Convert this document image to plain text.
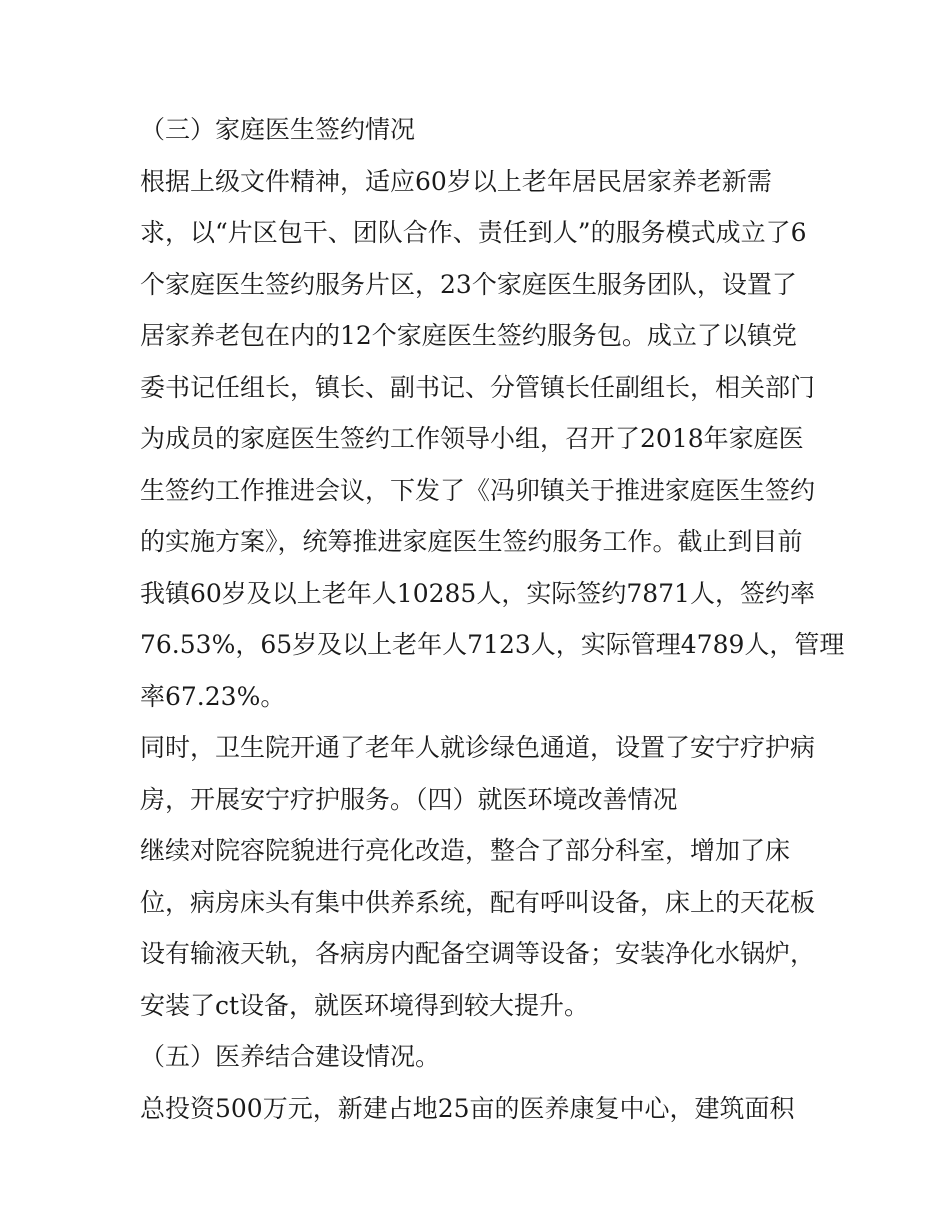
（三）家庭医生签约情况
根据上级文件精神，适应60岁以上老年居民居家养老新需
求，以“片区包干、团队合作、责任到人”的服务模式成立了6
个家庭医生签约服务片区，23个家庭医生服务团队，设置了
居家养老包在内的12个家庭医生签约服务包。成立了以镇党
委书记任组长，镇长、副书记、分管镇长任副组长，相关部门
为成员的家庭医生签约工作领导小组，召开了2018年家庭医
生签约工作推进会议，下发了《冯卯镇关于推进家庭医生签约
的实施方案》，统筹推进家庭医生签约服务工作。截止到目前
我镇60岁及以上老年人10285人，实际签约7871人，签约率
76.53%，65岁及以上老年人7123人，实际管理4789人，管理
率67.23%。
同时，卫生院开通了老年人就诊绿色通道，设置了安宁疗护病
房，开展安宁疗护服务。（四）就医环境改善情况
继续对院容院貌进行亮化改造，整合了部分科室，增加了床
位，病房床头有集中供养系统，配有呼叫设备，床上的天花板
设有输液天轨，各病房内配备空调等设备；安装净化水锅炉，
安装了ct设备，就医环境得到较大提升。
（五）医养结合建设情况。
总投资500万元，新建占地25亩的医养康复中心，建筑面积
